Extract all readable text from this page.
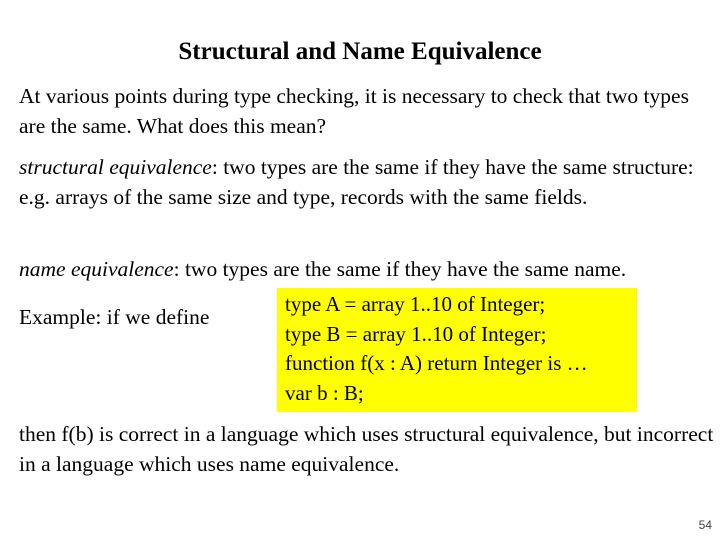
Structural and Name Equivalence
At various points during type checking, it is necessary to check that two types are the same. What does this mean?
structural equivalence: two types are the same if they have the same structure: e.g. arrays of the same size and type, records with the same fields.
name equivalence: two types are the same if they have the same name.
Example: if we define
type A = array 1..10 of Integer;
type B = array 1..10 of Integer;
function f(x : A) return Integer is …
var b : B;
then f(b) is correct in a language which uses structural equivalence, but incorrect in a language which uses name equivalence.
54
